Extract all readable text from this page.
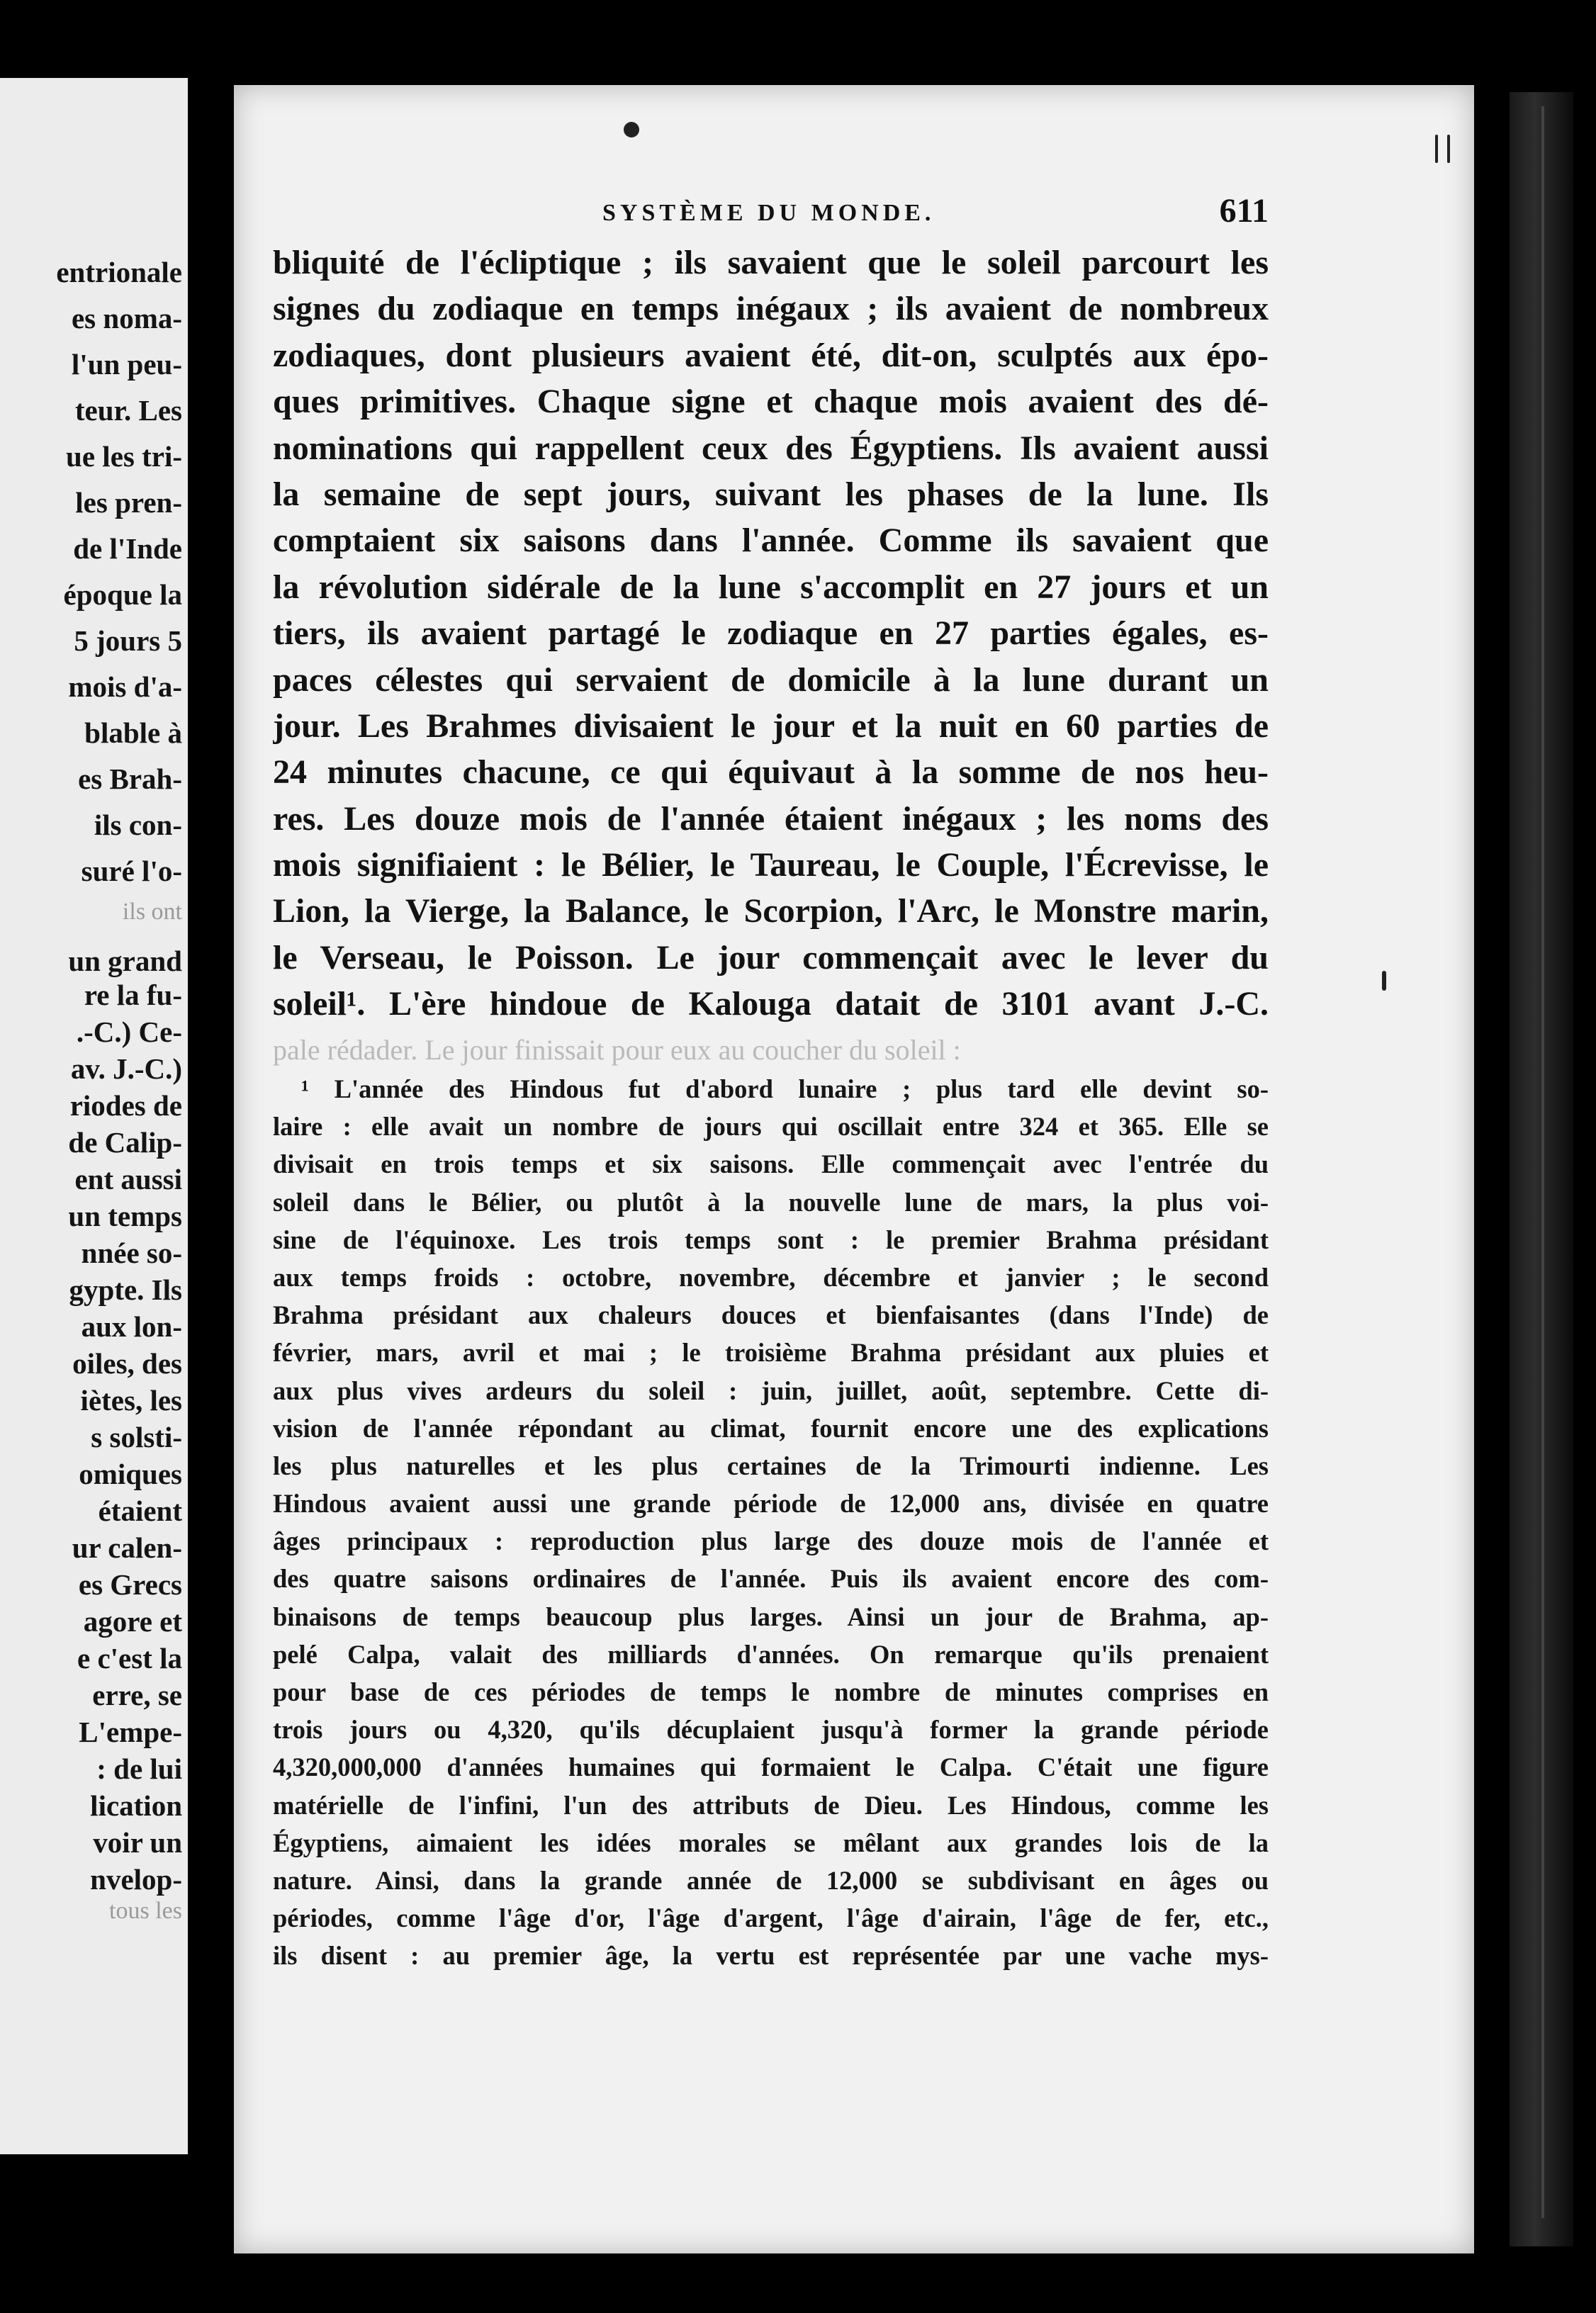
entrionale
es noma-
l'un peu-
teur. Les
ue les tri-
les pren-
de l'Inde
époque la
5 jours 5
mois d'a-
blable à
es Brah-
ils con-
suré l'o-
ils ont
un grand
re la fu-
.-C.) Ce-
av. J.-C.)
riodes de
de Calip-
ent aussi
un temps
nnée so-
gypte. Ils
aux lon-
oiles, des
iètes, les
s solsti-
omiques
étaient
ur calen-
es Grecs
agore et
e c'est la
erre, se
L'empe-
: de lui
lication
voir un
nvelop-
tous les
SYSTÈME DU MONDE.	611
bliquité de l'écliptique ; ils savaient que le soleil parcourt les
signes du zodiaque en temps inégaux ; ils avaient de nombreux
zodiaques, dont plusieurs avaient été, dit-on, sculptés aux épo-
ques primitives. Chaque signe et chaque mois avaient des dé-
nominations qui rappellent ceux des Égyptiens. Ils avaient aussi
la semaine de sept jours, suivant les phases de la lune. Ils
comptaient six saisons dans l'année. Comme ils savaient que
la révolution sidérale de la lune s'accomplit en 27 jours et un
tiers, ils avaient partagé le zodiaque en 27 parties égales, es-
paces célestes qui servaient de domicile à la lune durant un
jour. Les Brahmes divisaient le jour et la nuit en 60 parties de
24 minutes chacune, ce qui équivaut à la somme de nos heu-
res. Les douze mois de l'année étaient inégaux ; les noms des
mois signifiaient : le Bélier, le Taureau, le Couple, l'Écrevisse, le
Lion, la Vierge, la Balance, le Scorpion, l'Arc, le Monstre marin,
le Verseau, le Poisson. Le jour commençait avec le lever du
soleil¹. L'ère hindoue de Kalouga datait de 3101 avant J.-C.
pale rédader. Le jour finissait pour eux au coucher du soleil :
¹ L'année des Hindous fut d'abord lunaire ; plus tard elle devint so-
laire : elle avait un nombre de jours qui oscillait entre 324 et 365. Elle se
divisait en trois temps et six saisons. Elle commençait avec l'entrée du
soleil dans le Bélier, ou plutôt à la nouvelle lune de mars, la plus voi-
sine de l'équinoxe. Les trois temps sont : le premier Brahma présidant
aux temps froids : octobre, novembre, décembre et janvier ; le second
Brahma présidant aux chaleurs douces et bienfaisantes (dans l'Inde) de
février, mars, avril et mai ; le troisième Brahma présidant aux pluies et
aux plus vives ardeurs du soleil : juin, juillet, août, septembre. Cette di-
vision de l'année répondant au climat, fournit encore une des explications
les plus naturelles et les plus certaines de la Trimourti indienne. Les
Hindous avaient aussi une grande période de 12,000 ans, divisée en quatre
âges principaux : reproduction plus large des douze mois de l'année et
des quatre saisons ordinaires de l'année. Puis ils avaient encore des com-
binaisons de temps beaucoup plus larges. Ainsi un jour de Brahma, ap-
pelé Calpa, valait des milliards d'années. On remarque qu'ils prenaient
pour base de ces périodes de temps le nombre de minutes comprises en
trois jours ou 4,320, qu'ils décuplaient jusqu'à former la grande période
4,320,000,000 d'années humaines qui formaient le Calpa. C'était une figure
matérielle de l'infini, l'un des attributs de Dieu. Les Hindous, comme les
Égyptiens, aimaient les idées morales se mêlant aux grandes lois de la
nature. Ainsi, dans la grande année de 12,000 se subdivisant en âges ou
périodes, comme l'âge d'or, l'âge d'argent, l'âge d'airain, l'âge de fer, etc.,
ils disent : au premier âge, la vertu est représentée par une vache mys-
